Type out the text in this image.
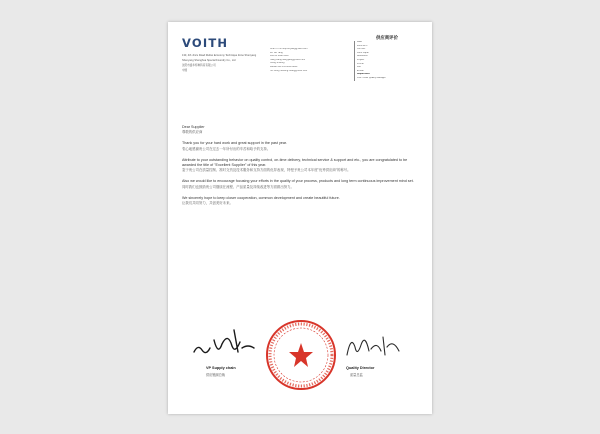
VOITH
133, 4th Jinzu Road Ruibei Economy Technique Zone Shenyang
Shenyang Shenghua Special Foundry Co., Ltd
沈阳市盛华特种铸造有限公司
中国
Chen Yi min sup.bo.jiang@voith.com
Mr. Gu Yang
+86 24 2398 0000
Hang Jiang hang.jiang@voith.com
Xiong Jinsong
Mobile +86 135 8888 8888
Hu Xiong huxiong.zhang@voith.com
供应商评价
Date
2023-12-1
Our Ref.
Voith Paper
Reference
Project
Phone
Fax
E-mail
Department
Vice / Less Quality Manager
Dear Supplier
尊敬的供应商

Thank you for your hard work and great support in the past year.
衷心地感谢贵公司在过去一年所付出的辛苦和给予的支持。

Attribute to your outstanding behavior on quality control, on-time delivery, technical service & support and etc., you are congratulated to be awarded the title of "Excellent Supplier" of this year.
鉴于贵公司在质量控制、准时交货及技术服务和支持方面的优异表现，特授予贵公司本年度"优秀供应商"的称号。

Also we would like to encourage focusing your efforts in the quality of your process, products and long term continuous improvement mind set.
同时我们也鼓励贵公司继续在流程、产品质量及持续改进等方面做出努力。

We sincerely hope to keep closer cooperation, common development and create beautiful future.
让我们共同努力，共创美好未来。

VP Supply chain
供应链副总裁
Quality Director
质量总监
